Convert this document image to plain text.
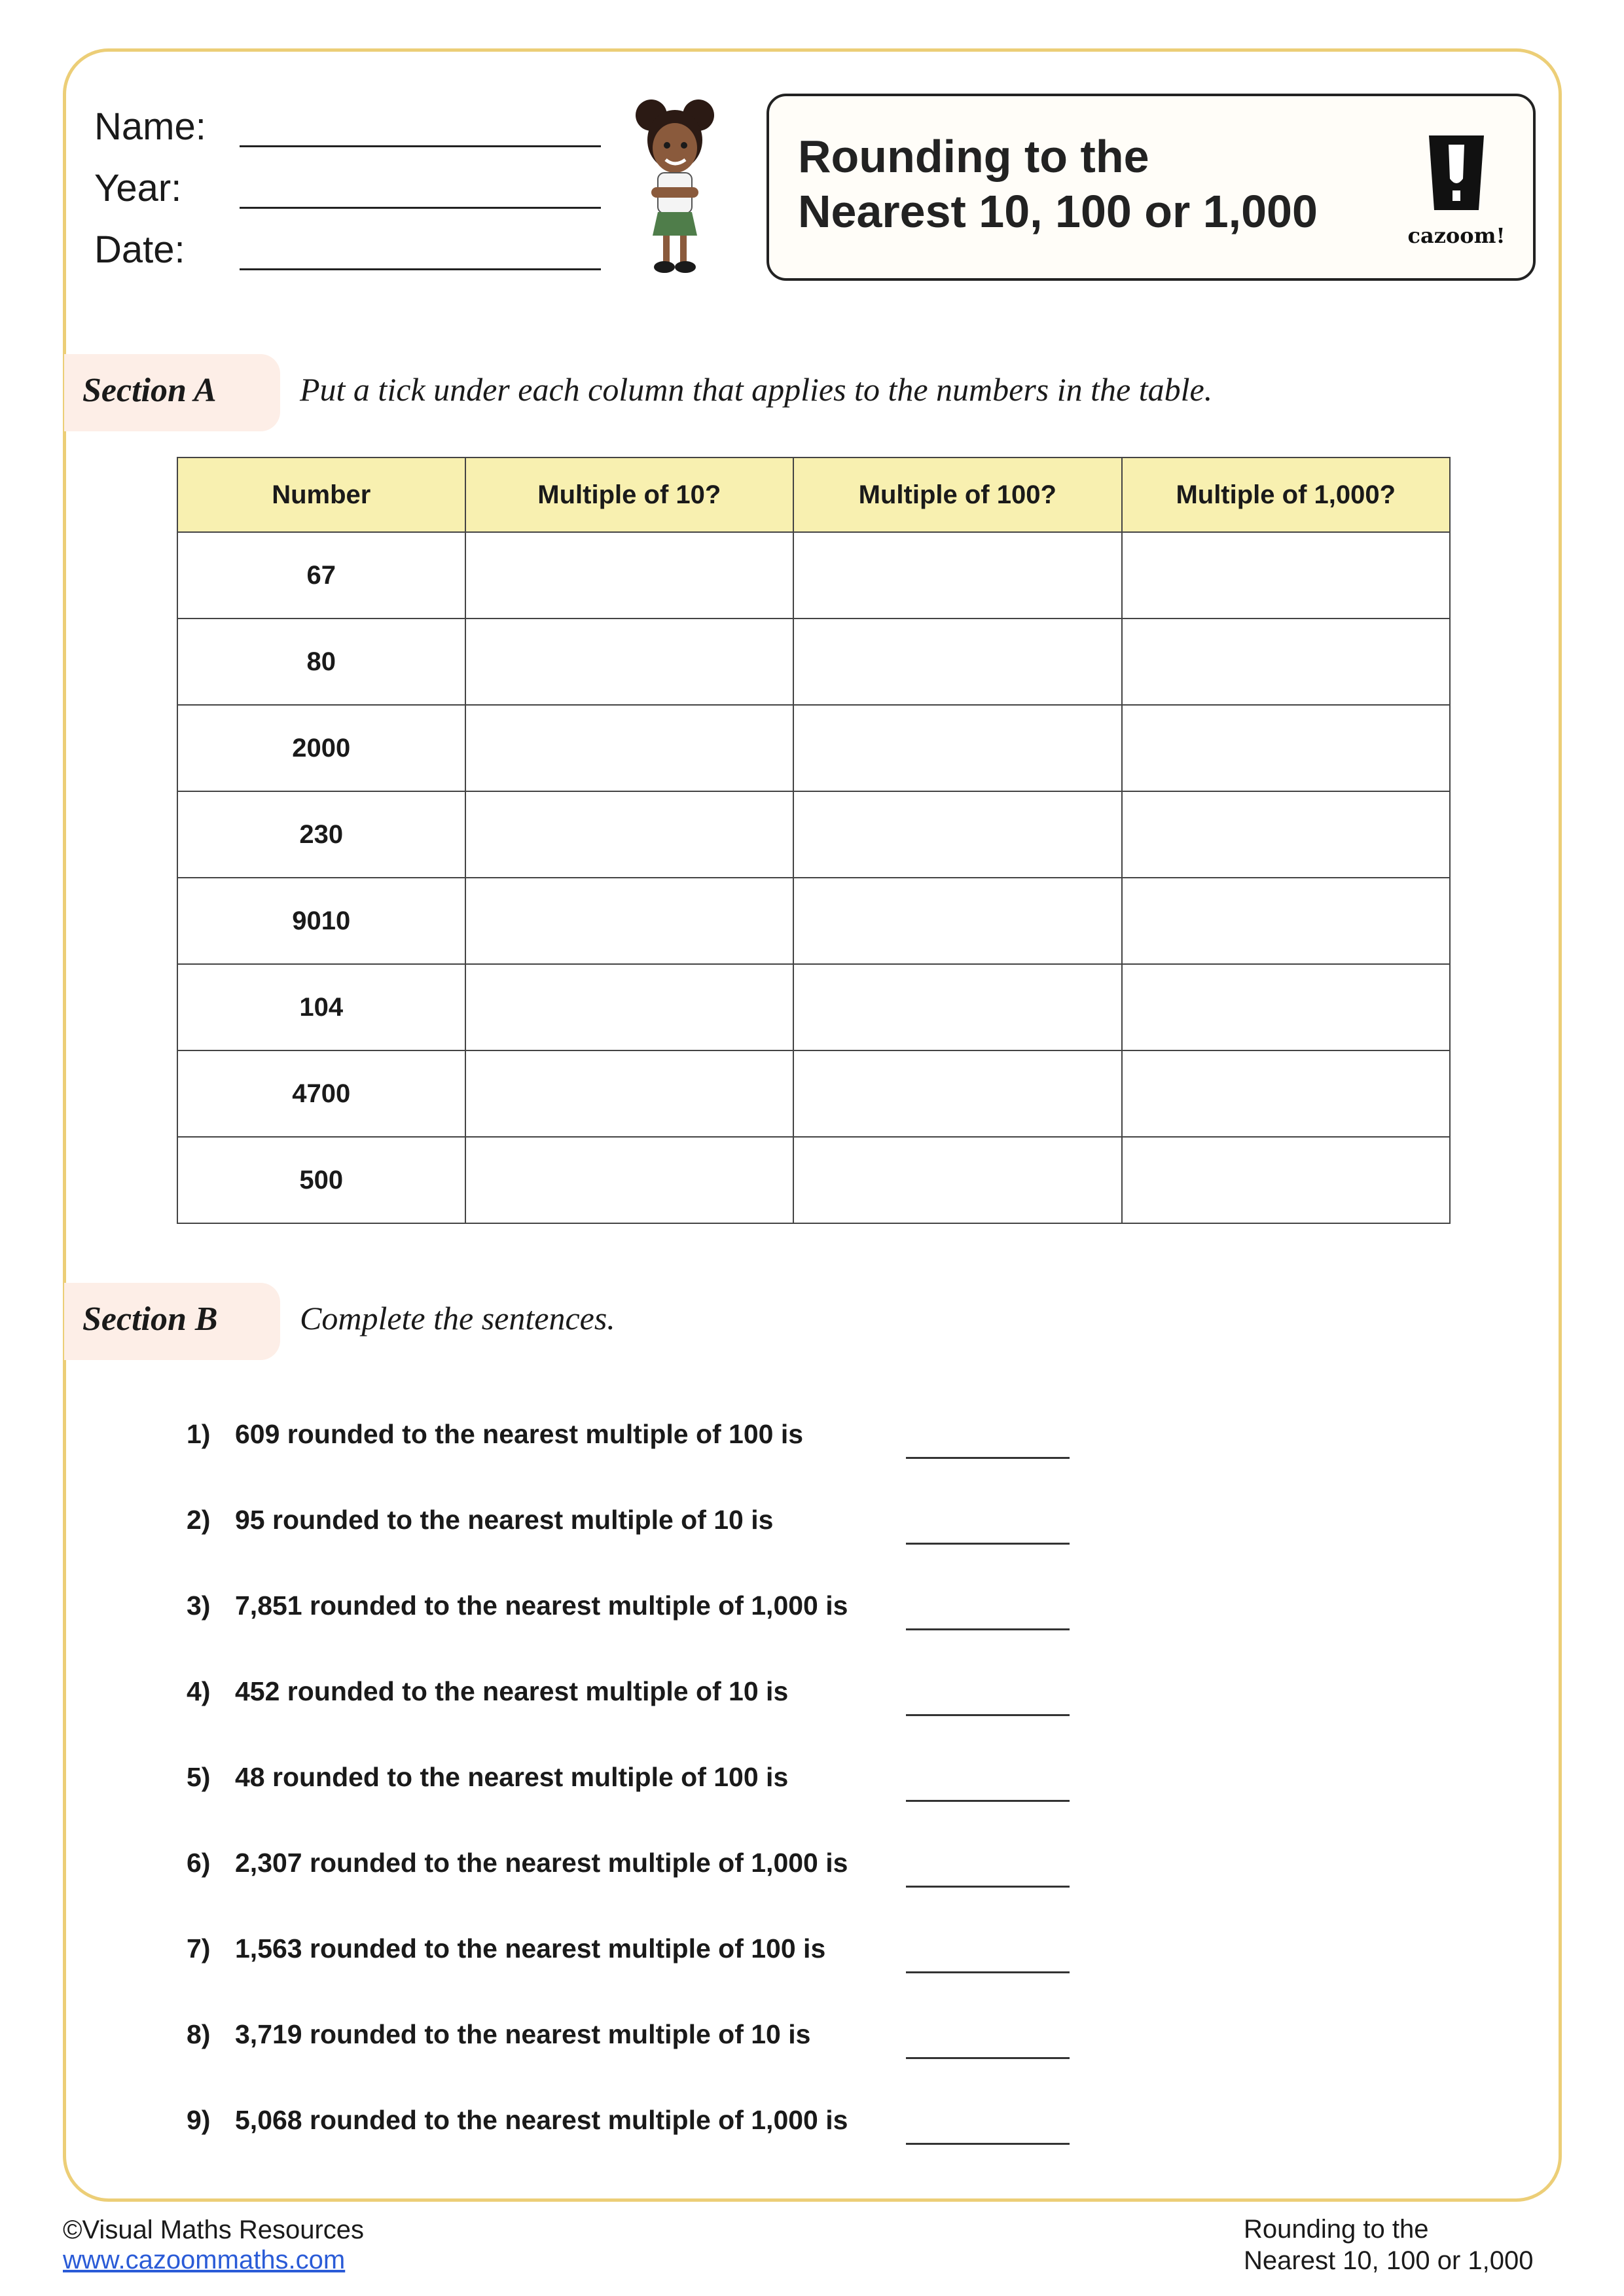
Name:
Year:
Date:
Rounding to the
Nearest 10, 100 or 1,000	cazoom!
Section A	Put a tick under each column that applies to the numbers in the table.
Number	Multiple of 10?	Multiple of 100?	Multiple of 1,000?
67			
80			
2000			
230			
9010			
104			
4700			
500			
Section B	Complete the sentences.
1) 609 rounded to the nearest multiple of 100 is
2) 95 rounded to the nearest multiple of 10 is
3) 7,851 rounded to the nearest multiple of 1,000 is
4) 452 rounded to the nearest multiple of 10 is
5) 48 rounded to the nearest multiple of 100 is
6) 2,307 rounded to the nearest multiple of 1,000 is
7) 1,563 rounded to the nearest multiple of 100 is
8) 3,719 rounded to the nearest multiple of 10 is
9) 5,068 rounded to the nearest multiple of 1,000 is
©Visual Maths Resources
www.cazoommaths.com
Rounding to the
Nearest 10, 100 or 1,000
